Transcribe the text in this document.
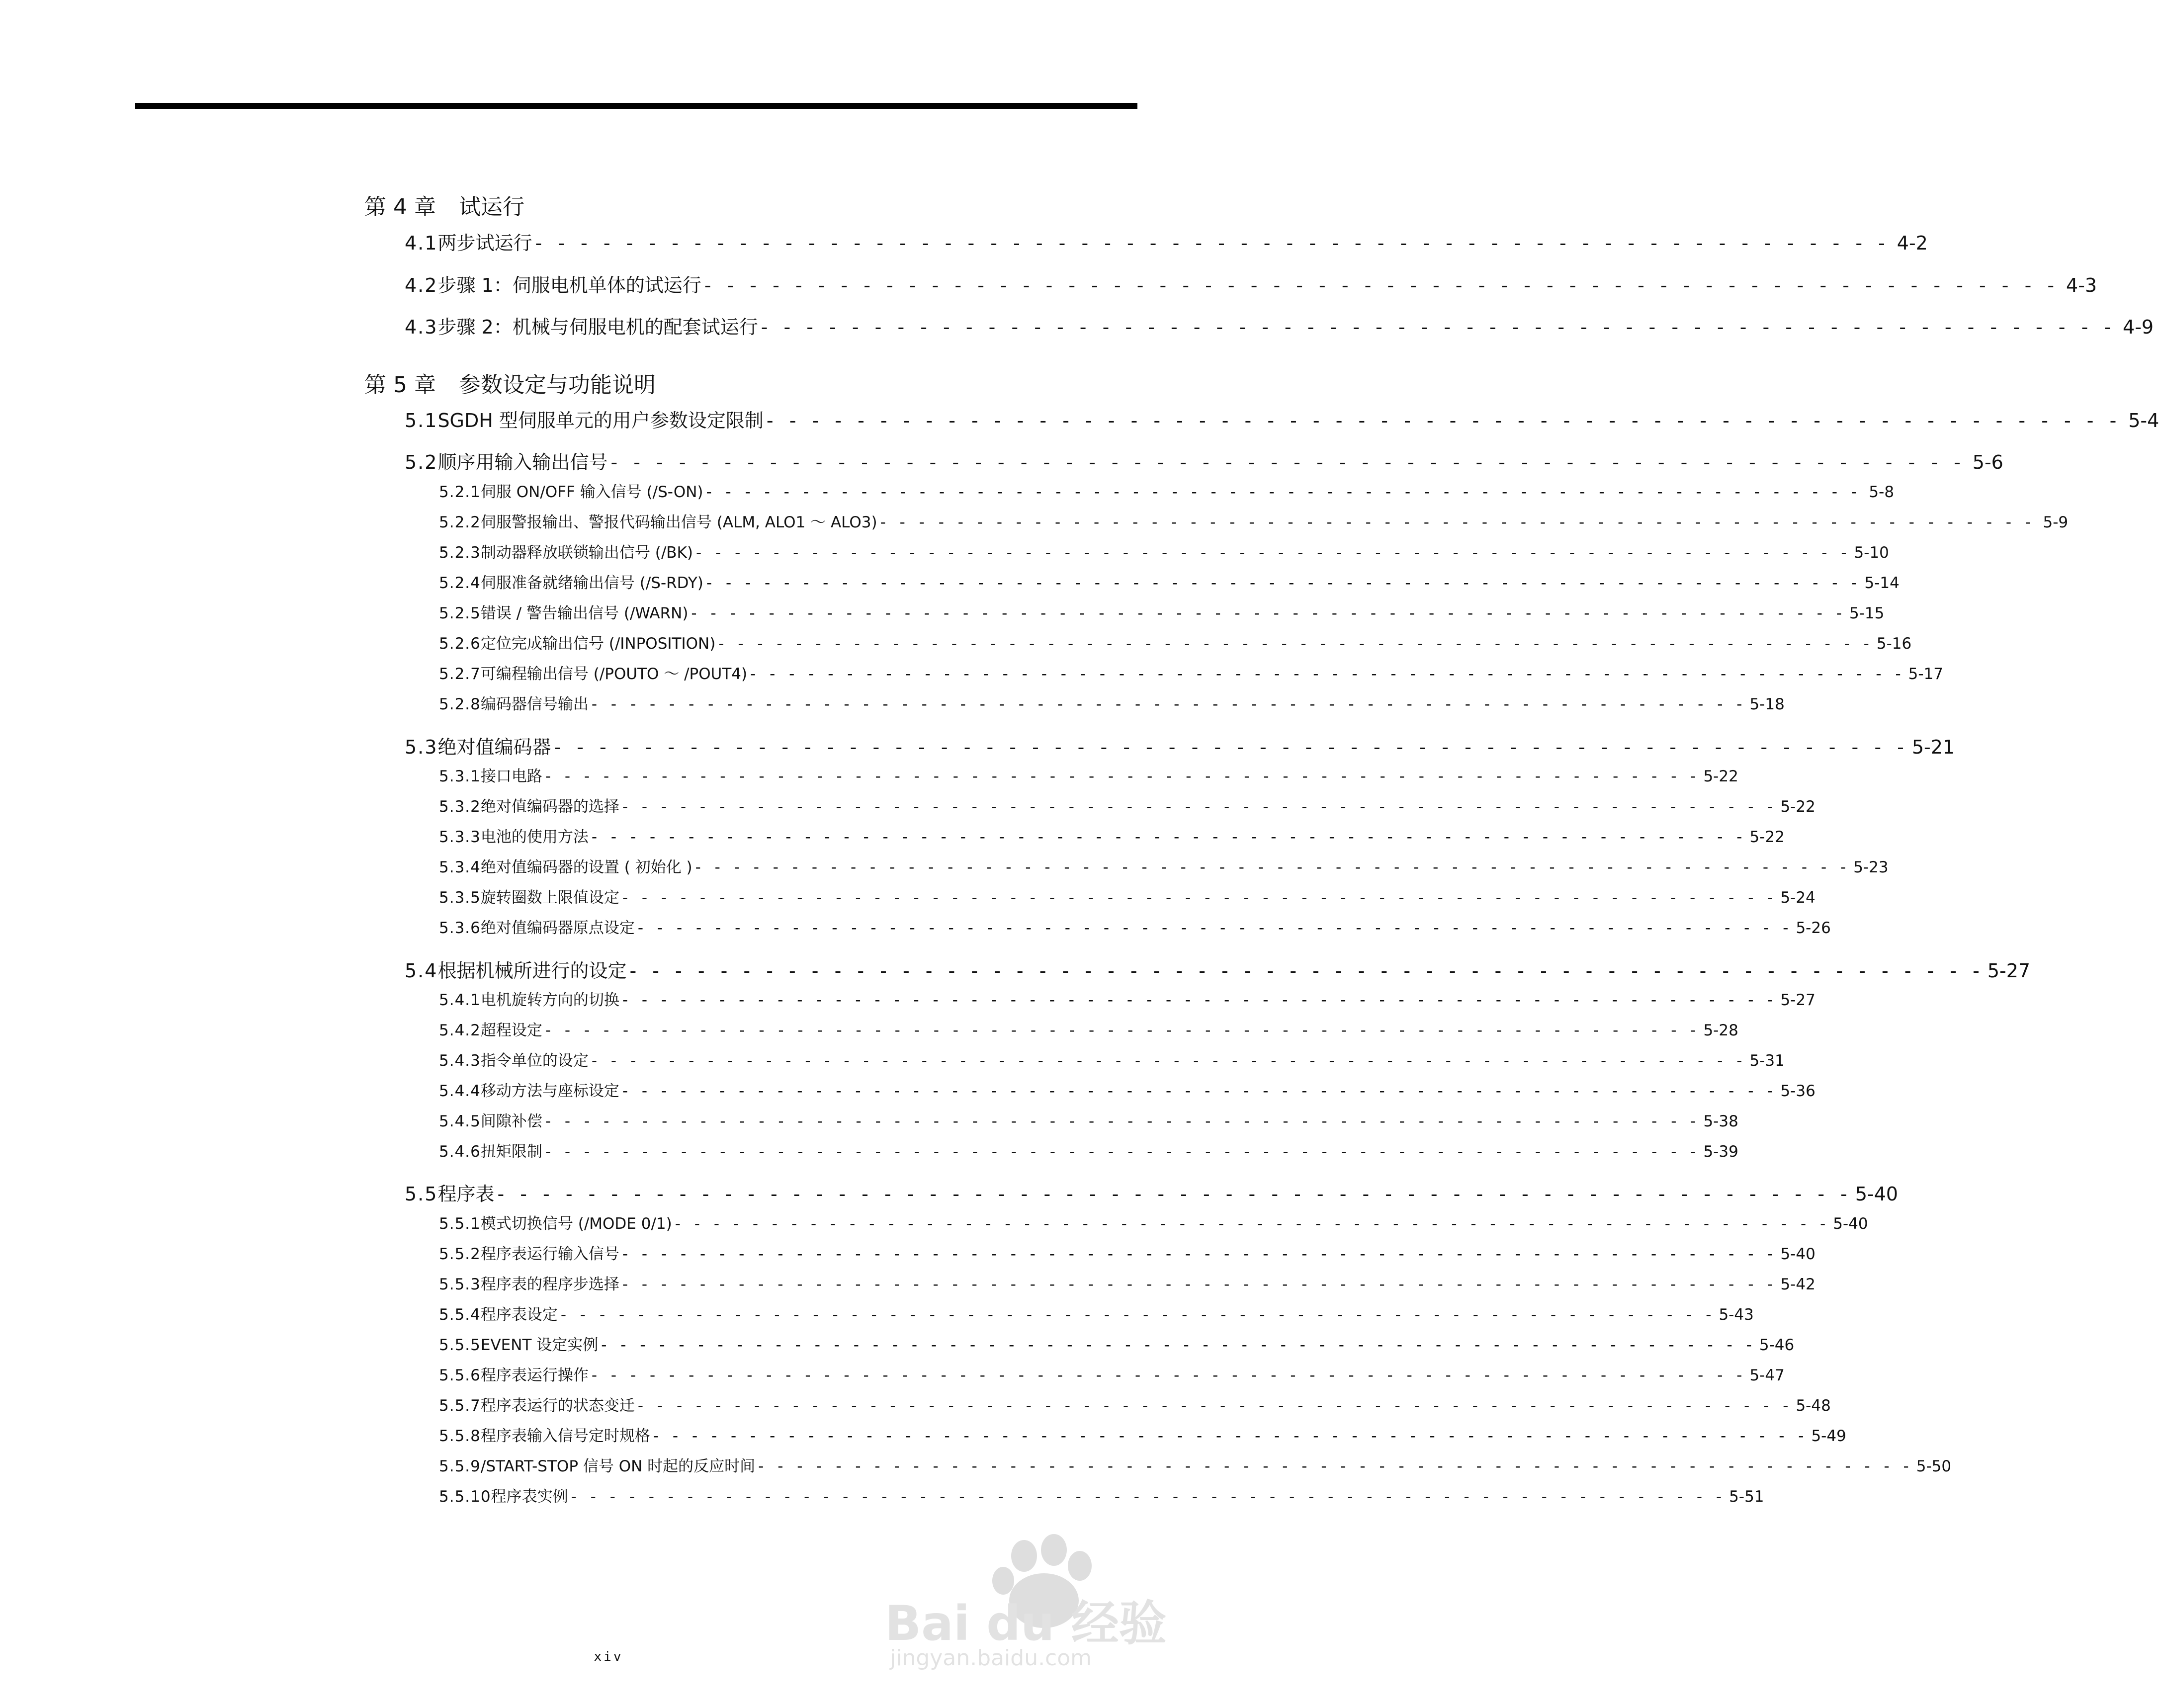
第 4 章	试运行
4.1 两步试运行 - - - - - - - - - - - - - - - - - - - - - - - - - - - - - - - - - - - - - - - - - - - - - - - - - - - - - - - - - - - - 4-2
4.2 步骤 1：伺服电机单体的试运行 - - - - - - - - - - - - - - - - - - - - - - - - - - - - - - - - - - - - - - - - - - - - - - - - - - - - - - - - - - - - 4-3
4.3 步骤 2：机械与伺服电机的配套试运行 - - - - - - - - - - - - - - - - - - - - - - - - - - - - - - - - - - - - - - - - - - - - - - - - - - - - - - - - - - - - 4-9
第 5 章	参数设定与功能说明
5.1 SGDH 型伺服单元的用户参数设定限制 - - - - - - - - - - - - - - - - - - - - - - - - - - - - - - - - - - - - - - - - - - - - - - - - - - - - - - - - - - - - 5-4
5.2 顺序用输入输出信号 - - - - - - - - - - - - - - - - - - - - - - - - - - - - - - - - - - - - - - - - - - - - - - - - - - - - - - - - - - - - 5-6
5.2.1 伺服 ON/OFF 输入信号 (/S-ON) - - - - - - - - - - - - - - - - - - - - - - - - - - - - - - - - - - - - - - - - - - - - - - - - - - - - - - - - - - - - 5-8
5.2.2 伺服警报输出、警报代码输出信号 (ALM, ALO1 ～ ALO3) - - - - - - - - - - - - - - - - - - - - - - - - - - - - - - - - - - - - - - - - - - - - - - - - - - - - - - - - - - - - 5-9
5.2.3 制动器释放联锁输出信号 (/BK) - - - - - - - - - - - - - - - - - - - - - - - - - - - - - - - - - - - - - - - - - - - - - - - - - - - - - - - - - - - - 5-10
5.2.4 伺服准备就绪输出信号 (/S-RDY) - - - - - - - - - - - - - - - - - - - - - - - - - - - - - - - - - - - - - - - - - - - - - - - - - - - - - - - - - - - - 5-14
5.2.5 错误 / 警告输出信号 (/WARN) - - - - - - - - - - - - - - - - - - - - - - - - - - - - - - - - - - - - - - - - - - - - - - - - - - - - - - - - - - - - 5-15
5.2.6 定位完成输出信号 (/INPOSITION) - - - - - - - - - - - - - - - - - - - - - - - - - - - - - - - - - - - - - - - - - - - - - - - - - - - - - - - - - - - - 5-16
5.2.7 可编程输出信号 (/POUTO ～ /POUT4) - - - - - - - - - - - - - - - - - - - - - - - - - - - - - - - - - - - - - - - - - - - - - - - - - - - - - - - - - - - - 5-17
5.2.8 编码器信号输出 - - - - - - - - - - - - - - - - - - - - - - - - - - - - - - - - - - - - - - - - - - - - - - - - - - - - - - - - - - - - 5-18
5.3 绝对值编码器 - - - - - - - - - - - - - - - - - - - - - - - - - - - - - - - - - - - - - - - - - - - - - - - - - - - - - - - - - - - - 5-21
5.3.1 接口电路 - - - - - - - - - - - - - - - - - - - - - - - - - - - - - - - - - - - - - - - - - - - - - - - - - - - - - - - - - - - - 5-22
5.3.2 绝对值编码器的选择 - - - - - - - - - - - - - - - - - - - - - - - - - - - - - - - - - - - - - - - - - - - - - - - - - - - - - - - - - - - - 5-22
5.3.3 电池的使用方法 - - - - - - - - - - - - - - - - - - - - - - - - - - - - - - - - - - - - - - - - - - - - - - - - - - - - - - - - - - - - 5-22
5.3.4 绝对值编码器的设置 ( 初始化 ) - - - - - - - - - - - - - - - - - - - - - - - - - - - - - - - - - - - - - - - - - - - - - - - - - - - - - - - - - - - - 5-23
5.3.5 旋转圈数上限值设定 - - - - - - - - - - - - - - - - - - - - - - - - - - - - - - - - - - - - - - - - - - - - - - - - - - - - - - - - - - - - 5-24
5.3.6 绝对值编码器原点设定 - - - - - - - - - - - - - - - - - - - - - - - - - - - - - - - - - - - - - - - - - - - - - - - - - - - - - - - - - - - - 5-26
5.4 根据机械所进行的设定 - - - - - - - - - - - - - - - - - - - - - - - - - - - - - - - - - - - - - - - - - - - - - - - - - - - - - - - - - - - - 5-27
5.4.1 电机旋转方向的切换 - - - - - - - - - - - - - - - - - - - - - - - - - - - - - - - - - - - - - - - - - - - - - - - - - - - - - - - - - - - - 5-27
5.4.2 超程设定 - - - - - - - - - - - - - - - - - - - - - - - - - - - - - - - - - - - - - - - - - - - - - - - - - - - - - - - - - - - - 5-28
5.4.3 指令单位的设定 - - - - - - - - - - - - - - - - - - - - - - - - - - - - - - - - - - - - - - - - - - - - - - - - - - - - - - - - - - - - 5-31
5.4.4 移动方法与座标设定 - - - - - - - - - - - - - - - - - - - - - - - - - - - - - - - - - - - - - - - - - - - - - - - - - - - - - - - - - - - - 5-36
5.4.5 间隙补偿 - - - - - - - - - - - - - - - - - - - - - - - - - - - - - - - - - - - - - - - - - - - - - - - - - - - - - - - - - - - - 5-38
5.4.6 扭矩限制 - - - - - - - - - - - - - - - - - - - - - - - - - - - - - - - - - - - - - - - - - - - - - - - - - - - - - - - - - - - - 5-39
5.5 程序表 - - - - - - - - - - - - - - - - - - - - - - - - - - - - - - - - - - - - - - - - - - - - - - - - - - - - - - - - - - - - 5-40
5.5.1 模式切换信号 (/MODE 0/1) - - - - - - - - - - - - - - - - - - - - - - - - - - - - - - - - - - - - - - - - - - - - - - - - - - - - - - - - - - - - 5-40
5.5.2 程序表运行输入信号 - - - - - - - - - - - - - - - - - - - - - - - - - - - - - - - - - - - - - - - - - - - - - - - - - - - - - - - - - - - - 5-40
5.5.3 程序表的程序步选择 - - - - - - - - - - - - - - - - - - - - - - - - - - - - - - - - - - - - - - - - - - - - - - - - - - - - - - - - - - - - 5-42
5.5.4 程序表设定 - - - - - - - - - - - - - - - - - - - - - - - - - - - - - - - - - - - - - - - - - - - - - - - - - - - - - - - - - - - - 5-43
5.5.5 EVENT 设定实例 - - - - - - - - - - - - - - - - - - - - - - - - - - - - - - - - - - - - - - - - - - - - - - - - - - - - - - - - - - - - 5-46
5.5.6 程序表运行操作 - - - - - - - - - - - - - - - - - - - - - - - - - - - - - - - - - - - - - - - - - - - - - - - - - - - - - - - - - - - - 5-47
5.5.7 程序表运行的状态变迁 - - - - - - - - - - - - - - - - - - - - - - - - - - - - - - - - - - - - - - - - - - - - - - - - - - - - - - - - - - - - 5-48
5.5.8 程序表输入信号定时规格 - - - - - - - - - - - - - - - - - - - - - - - - - - - - - - - - - - - - - - - - - - - - - - - - - - - - - - - - - - - - 5-49
5.5.9 /START-STOP 信号 ON 时起的反应时间 - - - - - - - - - - - - - - - - - - - - - - - - - - - - - - - - - - - - - - - - - - - - - - - - - - - - - - - - - - - - 5-50
5.5.10 程序表实例 - - - - - - - - - - - - - - - - - - - - - - - - - - - - - - - - - - - - - - - - - - - - - - - - - - - - - - - - - - - - 5-51
xiv
Bai du 经验
jingyan.baidu.com
